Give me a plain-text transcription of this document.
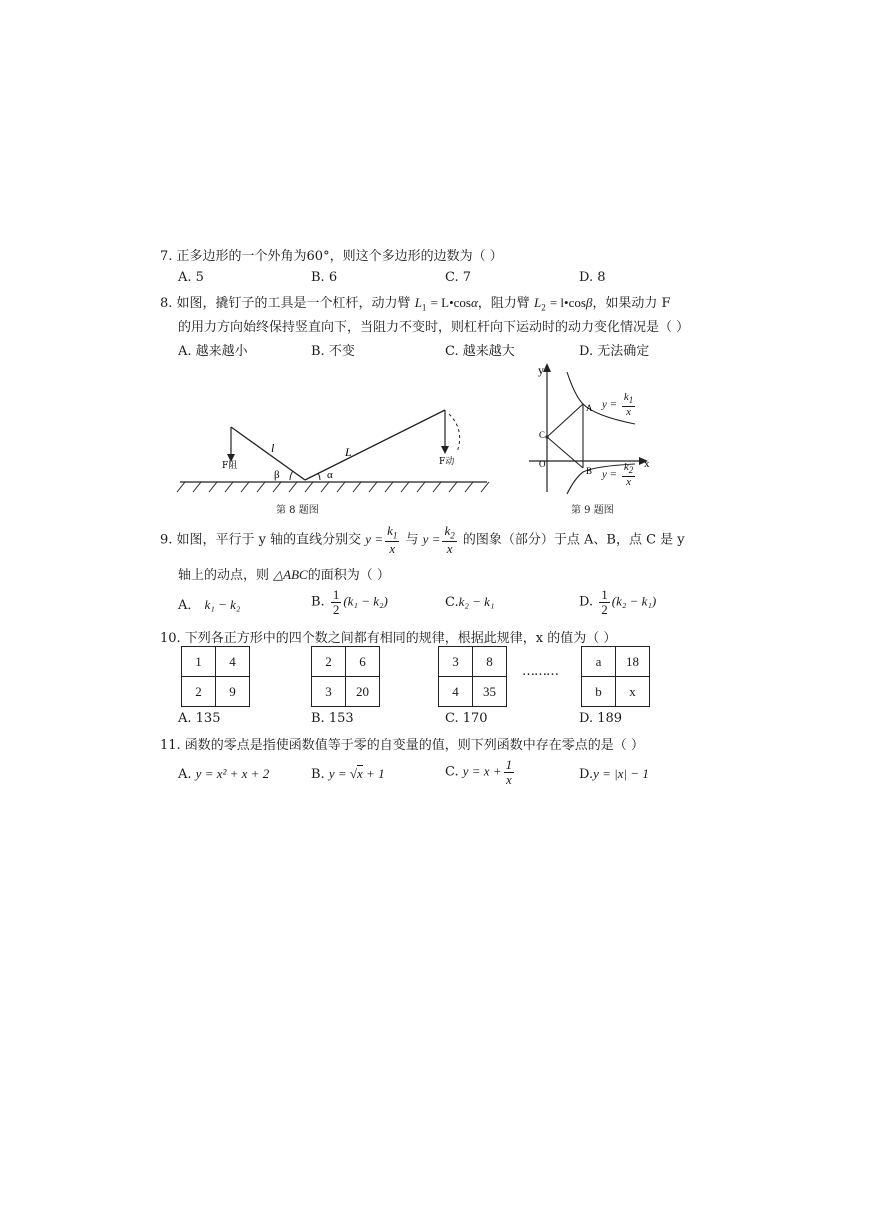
7. 正多边形的一个外角为60°，则这个多边形的边数为（ ）
A. 5	B. 6	C. 7	D. 8
8. 如图，撬钉子的工具是一个杠杆，动力臂 $L_1$ = L•cosα，阻力臂 $L_2$ = l•cosβ，如果动力 F
的用力方向始终保持竖直向下，当阻力不变时，则杠杆向下运动时的动力变化情况是（ ）
A. 越来越小	B. 不变	C. 越来越大	D. 无法确定
l	L
β	α
F阻	F动
第 8 题图
y
x
O
A
B
C
$y = \frac{k_1}{x}$
$y = \frac{k_2}{x}$
第 9 题图
9. 如图，平行于 y 轴的直线分别交 $y = \frac{k_1}{x}$ 与 $y = \frac{k_2}{x}$ 的图象（部分）于点 A、B，点 C 是 y
轴上的动点，则 △ABC的面积为（ ）
A． k₁ − k₂	B. $\frac{1}{2} (k_1 - k_2)$	C.k₂ − k₁	D. $\frac{1}{2} (k_2 - k_1)$
10. 下列各正方形中的四个数之间都有相同的规律，根据此规律，x 的值为（ ）
1	4
2	9
2	6
3	20
3	8
4	35
………
a	18
b	x
A. 135	B. 153	C. 170	D. 189
11. 函数的零点是指使函数值等于零的自变量的值，则下列函数中存在零点的是（ ）
A. y = x² + x + 2	B. y = √x + 1	C. $y = x + \frac{1}{x}$	D.y = |x| − 1
